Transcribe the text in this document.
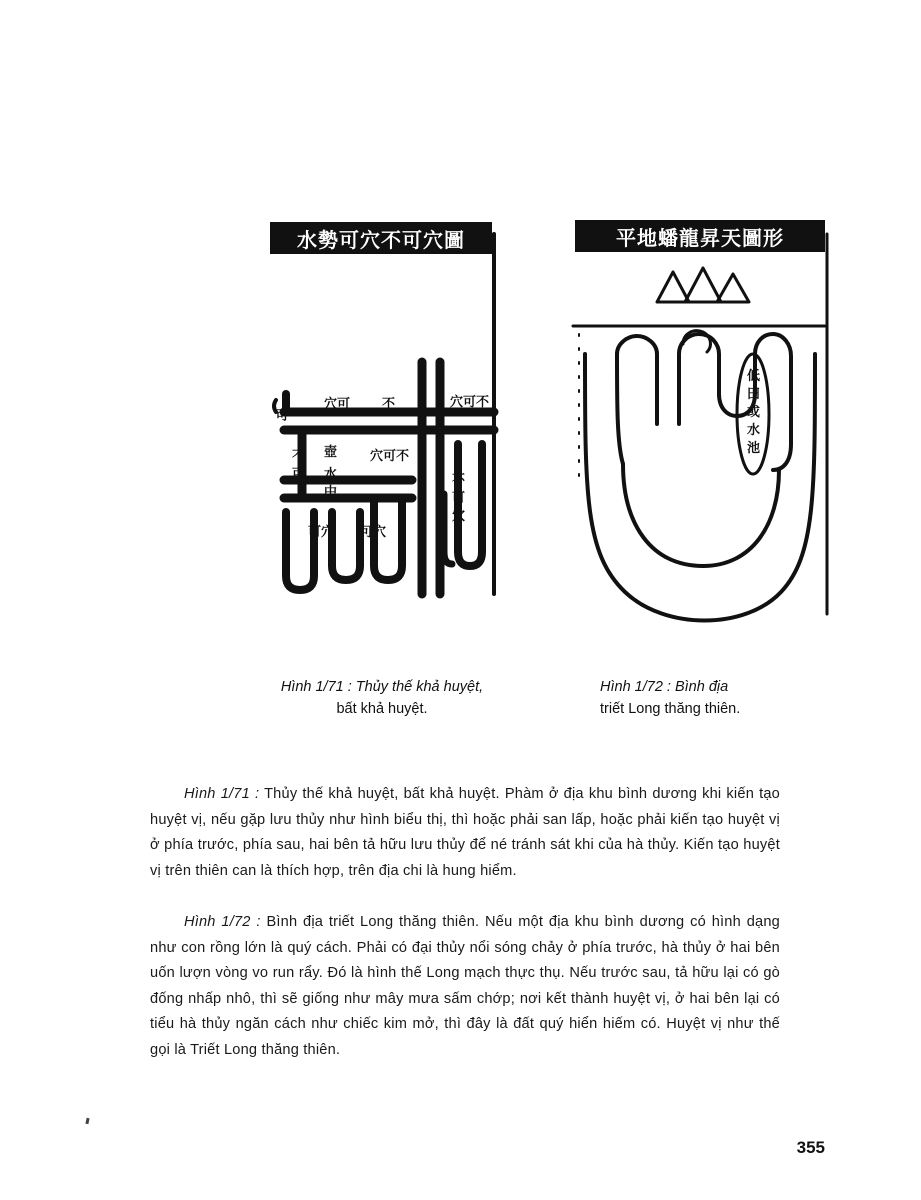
水勢可穴不可穴圖
可
穴可 不	穴可不
不
可
壺
水
中
穴可不
不
可
穴
可穴 可穴
平地蟠龍昇天圖形
低
田
或
水
池
Hình 1/71 : Thủy thế khả huyệt,
bất khả huyệt.
Hình 1/72 : Bình địa
triết Long thăng thiên.

Hình 1/71 : Thủy thế khả huyệt, bất khả huyệt. Phàm ở địa khu bình dương khi kiến tạo huyệt vị, nếu gặp lưu thủy như hình biểu thị, thì hoặc phải san lấp, hoặc phải kiến tạo huyệt vị ở phía trước, phía sau, hai bên tả hữu lưu thủy để né tránh sát khi của hà thủy. Kiến tạo huyệt vị trên thiên can là thích hợp, trên địa chi là hung hiểm.

Hình 1/72 : Bình địa triết Long thăng thiên. Nếu một địa khu bình dương có hình dạng như con rồng lớn là quý cách. Phải có đại thủy nổi sóng chảy ở phía trước, hà thủy ở hai bên uốn lượn vòng vo run rẩy. Đó là hình thế Long mạch thực thụ. Nếu trước sau, tả hữu lại có gò đống nhấp nhô, thì sẽ giống như mây mưa sấm chớp; nơi kết thành huyệt vị, ở hai bên lại có tiểu hà thủy ngăn cách như chiếc kim mở, thì đây là đất quý hiển hiếm có. Huyệt vị như thế gọi là Triết Long thăng thiên.

355
